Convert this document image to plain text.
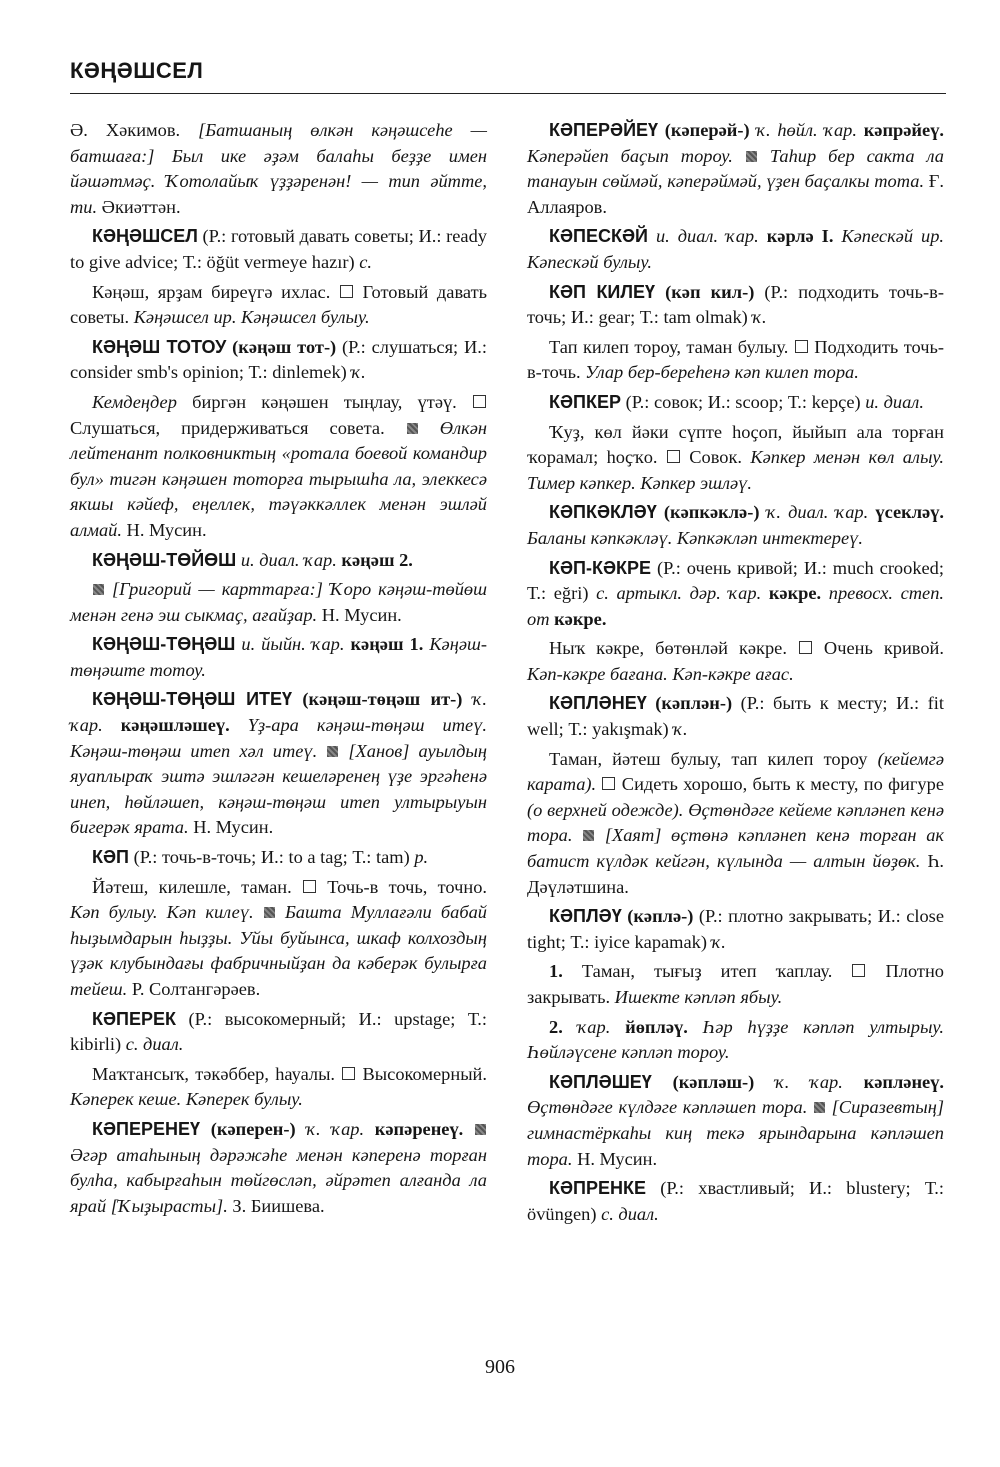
КӘҢӘШСЕЛ

Ә. Хәкимов. [Батшаның өлкән кәңәшсеһе — батшаға:] Был ике әҙәм балаһы беҙҙе имен йәшәтмәҫ. Ҡотолайыҡ үҙҙәренән! — тип әйтте, ти. Әкиәттән.

КӘҢӘШСЕЛ (Р.: готовый давать советы; И.: ready to give advice; Т.: öğüt vermeye hazır) с.

Кәңәш, ярҙам биреүгә ихлас.  Готовый давать советы. Кәңәшсел ир. Кәңәшсел булыу.

КӘҢӘШ ТОТОУ (кәңәш тот-) (Р.: слушаться; И.: consider smb's opinion; Т.: dinlemek) ҡ.

Кемдеңдер биргән кәңәшен тыңлау, үтәү.  Слушаться, придерживаться совета.  Өлкән лейтенант полковниктың «ротала боевой командир бул» тигән кәңәшен тоторға тырышһа ла, элеккесә якшы кәйеф, еңеллек, тәүәккәллек менән эшләй алмай. Н. Мусин.

КӘҢӘШ-ТӨЙӨШ и. диал. ҡар. кәңәш 2.

[Григорий — карттарға:] Ҡоро кәңәш-төйөш менән генә эш сыкмаҫ, ағайҙар. Н. Мусин.

КӘҢӘШ-ТӨҢӘШ и. йыйн. ҡар. кәңәш 1. Кәңәш-төңәште тотоу.

КӘҢӘШ-ТӨҢӘШ ИТЕҮ (кәңәш-төңәш ит-) ҡ. ҡар. кәңәшләшеү. Үҙ-ара кәңәш-төңәш итеү. Кәңәш-төңәш итеп хәл итеү.  [Ханов] ауылдың яуаплыраҡ эштә эшләгән кешеләренең үҙе эргәһенә инеп, һөйләшеп, кәңәш-төңәш итеп ултырыуын бигерәк ярата. Н. Мусин.

КӘП (Р.: точь-в-точь; И.: to a tag; Т.: tam) р.

Йәтеш, килешле, таман.  Точь-в точь, точно. Кәп булыу. Кәп килеү.  Башта Муллағәли бабай һыҙымдарын һыҙҙы. Уйы буйынса, шкаф колхоздың үҙәк клубындағы фабричныйҙан да кәберәк булырға тейеш. Р. Солтангәрәев.

КӘПЕРЕК (Р.: высокомерный; И.: upstage; Т.: kibirli) с. диал.

Маҡтансыҡ, тәкәббер, һауалы.  Высокомерный. Кәперек кеше. Кәперек булыу.

КӘПЕРЕНЕҮ (кәперен-) ҡ. ҡар. кәпәренеү.  Әгәр атаһының дәрәжәһе менән кәперенә торған булһа, кабырғаһын төйгөсләп, әйрәтеп алғанда ла ярай [Ҡыҙырасты]. З. Биишева.

КӘПЕРӘЙЕҮ (кәперәй-) ҡ. һөйл. ҡар. кәпрәйеү. Кәперәйеп баҫып тороу.  Таһир бер сакта ла танауын сөймәй, кәперәймәй, үҙен баҫалкы тота. Ғ. Аллаяров.

КӘПЕСКӘЙ и. диал. ҡар. кәрлә I. Кәпескәй ир. Кәпескәй булыу.

КӘП КИЛЕҮ (кәп кил-) (Р.: подходить точь-в-точь; И.: gear; Т.: tam olmak) ҡ.

Тап килеп тороу, таман булыу.  Подходить точь-в-точь. Улар бер-береһенә кәп килеп тора.

КӘПКЕР (Р.: совок; И.: scoop; Т.: kepçe) и. диал.

Ҡуҙ, көл йәки сүпте һоҫоп, йыйып ала торған ҡорамал; һоҫҡо.  Совок. Кәпкер менән көл алыу. Тимер кәпкер. Кәпкер эшләү.

КӘПКӘКЛӘҮ (кәпкәклә-) ҡ. диал. ҡар. үсекләү. Баланы кәпкәкләү. Кәпкәкләп интектереү.

КӘП-КӘКРЕ (Р.: очень кривой; И.: much crooked; Т.: eğri) с. артыкл. дәр. ҡар. кәкре. превосх. степ. от кәкре.

Ныҡ кәкре, бөтөнләй кәкре.  Очень кривой. Кәп-кәкре бағана. Кәп-кәкре ағас.

КӘПЛӘНЕҮ (кәплән-) (Р.: быть к месту; И.: fit well; Т.: yakışmak) ҡ.

Таман, йәтеш булыу, тап килеп тороу (кейемгә карата).  Сидеть хорошо, быть к месту, по фигуре (о верхней одежде). Өҫтөндәге кейеме кәпләнеп кенә тора.  [Хаят] өҫтөнә кәпләнеп кенә торған ак батист күлдәк кейгән, күлында — алтын йөҙөк. Һ. Дәүләтшина.

КӘПЛӘҮ (кәплә-) (Р.: плотно закрывать; И.: close tight; Т.: iyice kapamak) ҡ.

1. Таман, тығыҙ итеп ҡаплау.  Плотно закрывать. Ишекте кәпләп ябыу.

2. ҡар. йөпләү. Һәр һүҙҙе кәпләп ултырыу. Һөйләүсене кәпләп тороу.

КӘПЛӘШЕҮ (кәпләш-) ҡ. ҡар. кәпләнеү. Өҫтөндәге күлдәге кәпләшеп тора.  [Сиразевтың] гимнастёркаһы киң текә ярындарына кәпләшеп тора. Н. Мусин.

КӘПРЕНКЕ (Р.: хвастливый; И.: blustery; Т.: övüngen) с. диал.

906
